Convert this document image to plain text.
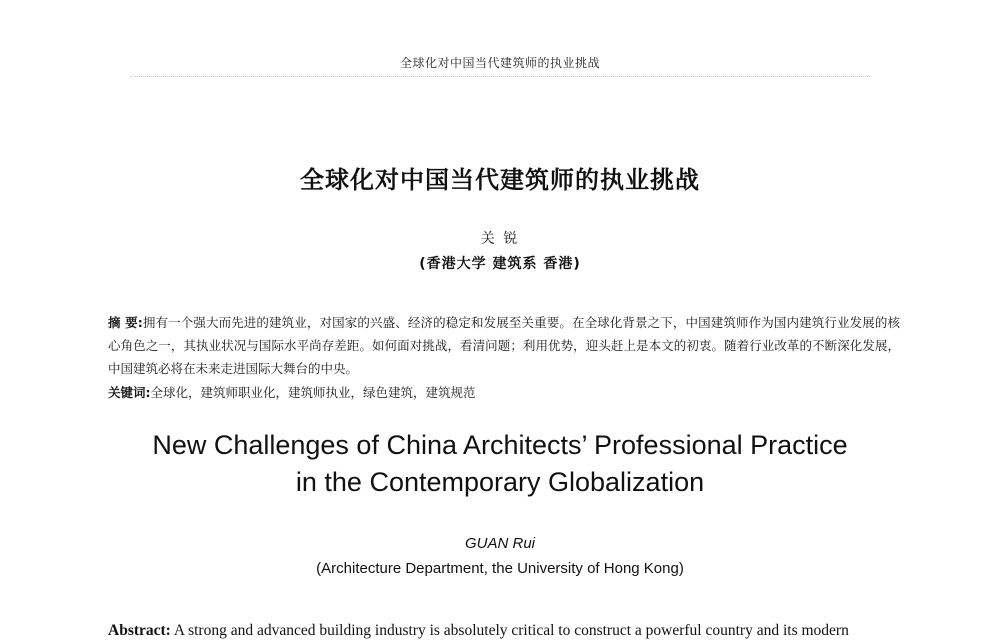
全球化对中国当代建筑师的执业挑战
全球化对中国当代建筑师的执业挑战
关 锐
(香港大学 建筑系 香港)
摘 要:拥有一个强大而先进的建筑业，对国家的兴盛、经济的稳定和发展至关重要。在全球化背景之下，中国建筑师作为国内建筑行业发展的核心角色之一，其执业状况与国际水平尚存差距。如何面对挑战，看清问题；利用优势，迎头赶上是本文的初衷。随着行业改革的不断深化发展，中国建筑必将在未来走进国际大舞台的中央。
关键词:全球化，建筑师职业化，建筑师执业，绿色建筑，建筑规范
New Challenges of China Architects’ Professional Practice
in the Contemporary Globalization
GUAN Rui
(Architecture Department, the University of Hong Kong)
Abstract: A strong and advanced building industry is absolutely critical to construct a powerful country and its modern
